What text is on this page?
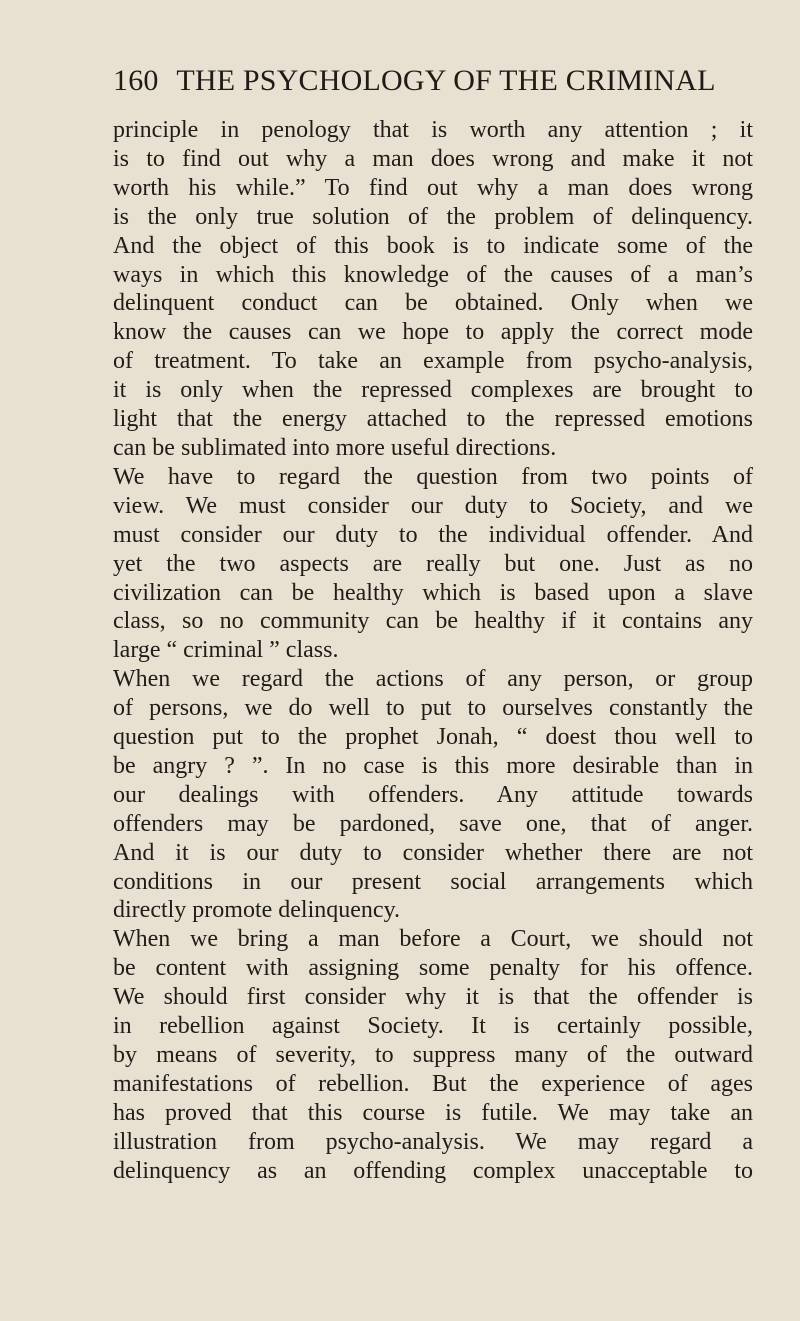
160 THE PSYCHOLOGY OF THE CRIMINAL
principle in penology that is worth any attention ; it
is to find out why a man does wrong and make it not
worth his while.” To find out why a man does wrong
is the only true solution of the problem of delinquency.
And the object of this book is to indicate some of the
ways in which this knowledge of the causes of a man’s
delinquent conduct can be obtained. Only when we
know the causes can we hope to apply the correct mode
of treatment. To take an example from psycho-analysis,
it is only when the repressed complexes are brought to
light that the energy attached to the repressed emotions
can be sublimated into more useful directions.
We have to regard the question from two points of
view. We must consider our duty to Society, and we
must consider our duty to the individual offender. And
yet the two aspects are really but one. Just as no
civilization can be healthy which is based upon a slave
class, so no community can be healthy if it contains any
large “ criminal ” class.
When we regard the actions of any person, or group
of persons, we do well to put to ourselves constantly the
question put to the prophet Jonah, “ doest thou well to
be angry ? ”. In no case is this more desirable than in
our dealings with offenders. Any attitude towards
offenders may be pardoned, save one, that of anger.
And it is our duty to consider whether there are not
conditions in our present social arrangements which
directly promote delinquency.
When we bring a man before a Court, we should not
be content with assigning some penalty for his offence.
We should first consider why it is that the offender is
in rebellion against Society. It is certainly possible,
by means of severity, to suppress many of the outward
manifestations of rebellion. But the experience of ages
has proved that this course is futile. We may take an
illustration from psycho-analysis. We may regard a
delinquency as an offending complex unacceptable to
